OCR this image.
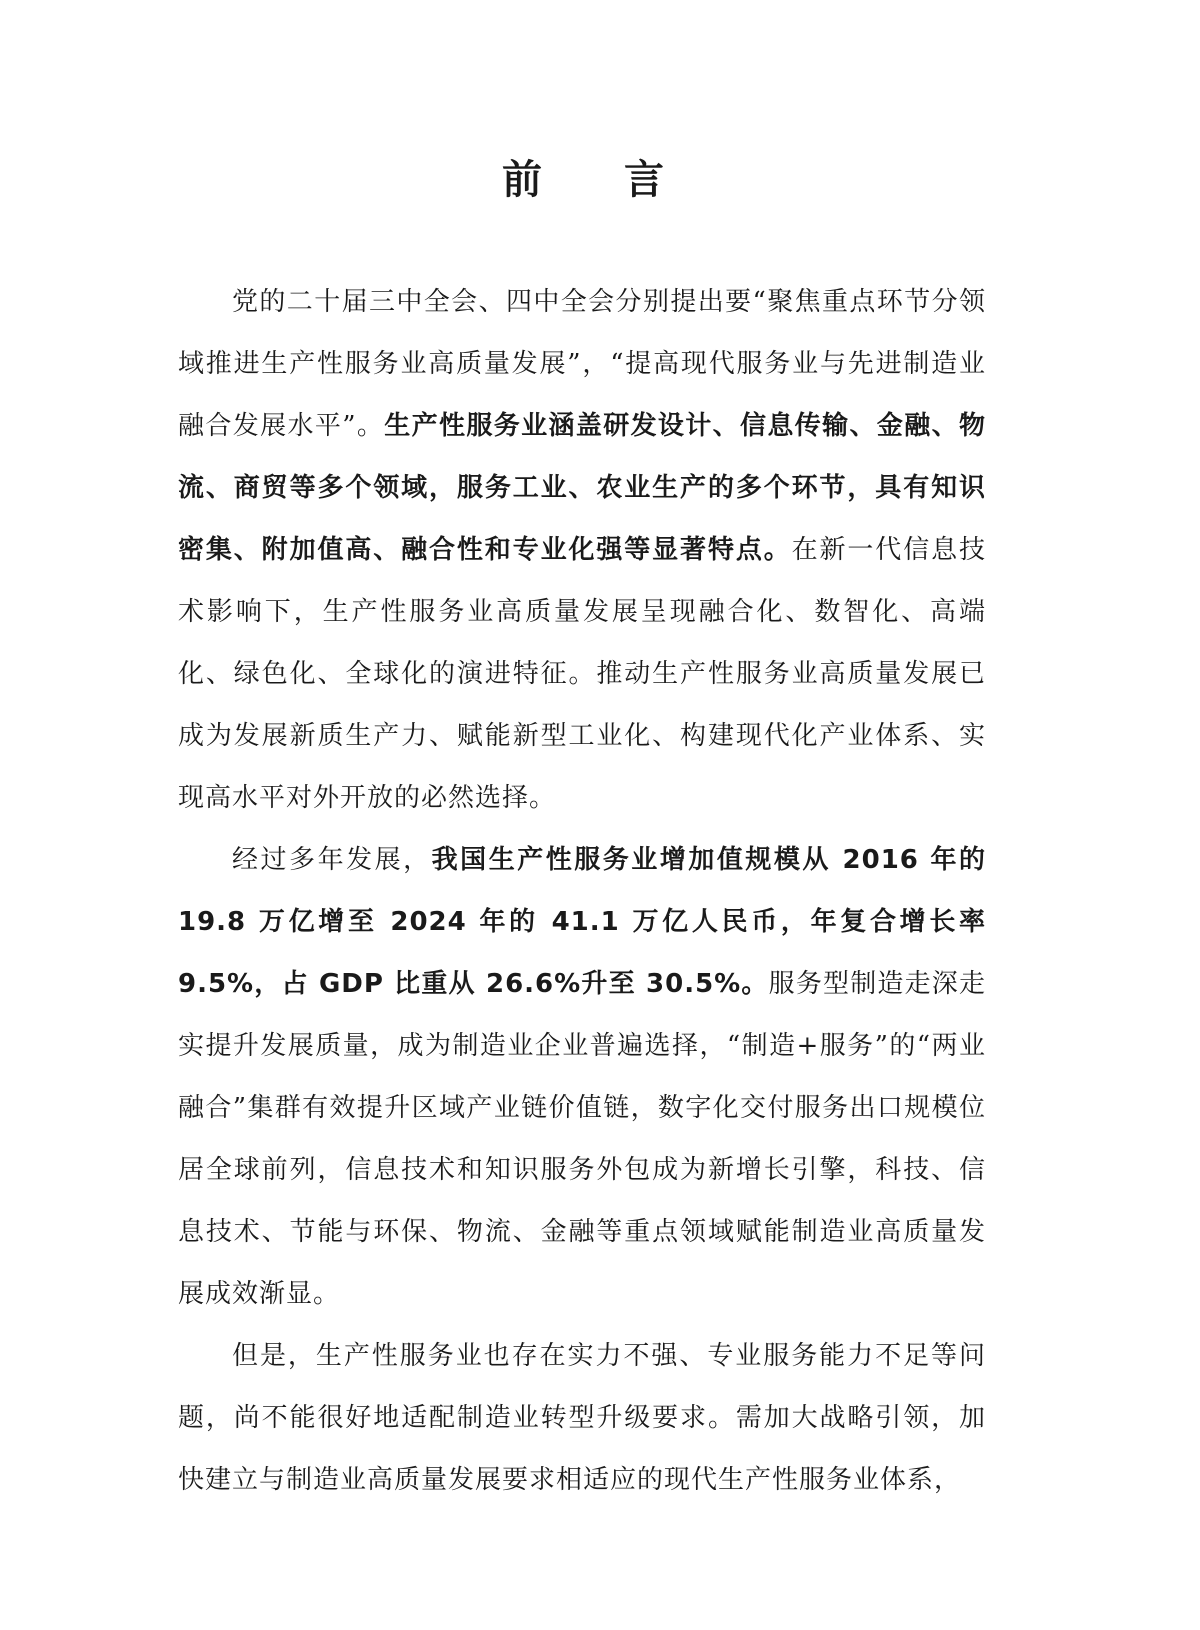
前 言

党的二十届三中全会、四中全会分别提出要“聚焦重点环节分领域推进生产性服务业高质量发展”，“提高现代服务业与先进制造业融合发展水平”。生产性服务业涵盖研发设计、信息传输、金融、物流、商贸等多个领域，服务工业、农业生产的多个环节，具有知识密集、附加值高、融合性和专业化强等显著特点。在新一代信息技术影响下，生产性服务业高质量发展呈现融合化、数智化、高端化、绿色化、全球化的演进特征。推动生产性服务业高质量发展已成为发展新质生产力、赋能新型工业化、构建现代化产业体系、实现高水平对外开放的必然选择。

经过多年发展，我国生产性服务业增加值规模从 2016 年的 19.8 万亿增至 2024 年的 41.1 万亿人民币，年复合增长率 9.5%，占 GDP 比重从 26.6%升至 30.5%。服务型制造走深走实提升发展质量，成为制造业企业普遍选择，“制造+服务”的“两业融合”集群有效提升区域产业链价值链，数字化交付服务出口规模位居全球前列，信息技术和知识服务外包成为新增长引擎，科技、信息技术、节能与环保、物流、金融等重点领域赋能制造业高质量发展成效渐显。

但是，生产性服务业也存在实力不强、专业服务能力不足等问题，尚不能很好地适配制造业转型升级要求。需加大战略引领，加快建立与制造业高质量发展要求相适应的现代生产性服务业体系，
